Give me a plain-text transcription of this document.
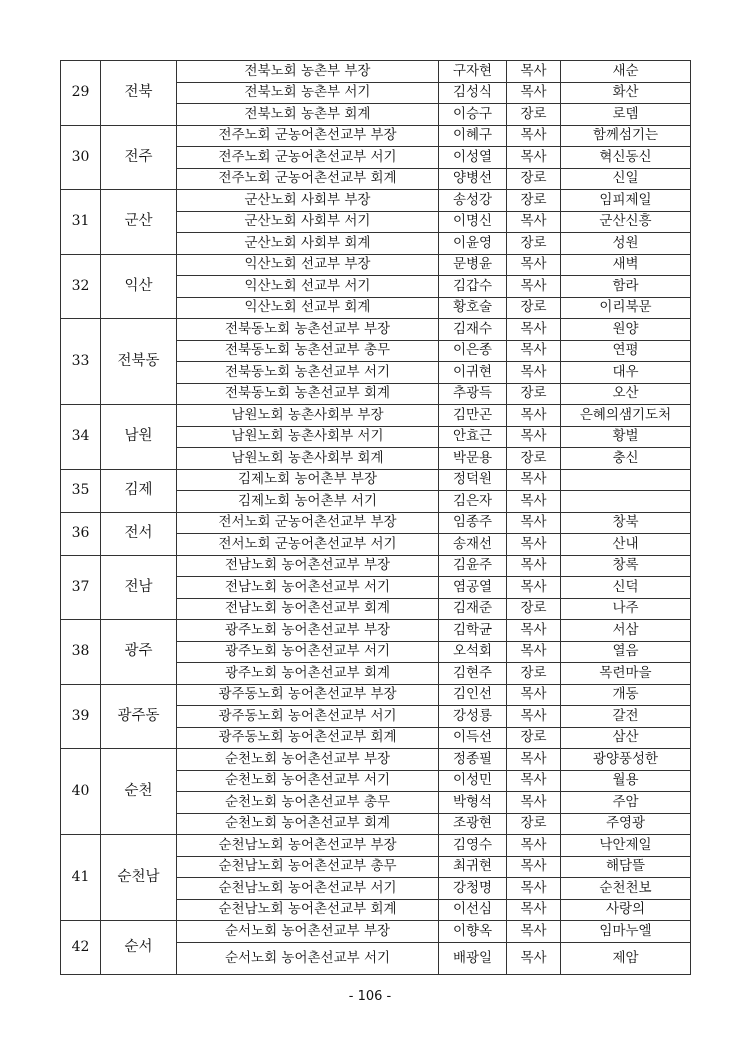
29	전북	전북노회 농촌부 부장	구자현	목사	새순
		전북노회 농촌부 서기	김성식	목사	화산
		전북노회 농촌부 회계	이승구	장로	로뎀
30	전주	전주노회 군농어촌선교부 부장	이혜구	목사	함께섬기는
		전주노회 군농어촌선교부 서기	이성열	목사	혁신동신
		전주노회 군농어촌선교부 회계	양병선	장로	신일
31	군산	군산노회 사회부 부장	송성강	장로	임피제일
		군산노회 사회부 서기	이명신	목사	군산신흥
		군산노회 사회부 회계	이윤영	장로	성원
32	익산	익산노회 선교부 부장	문병윤	목사	새벽
		익산노회 선교부 서기	김갑수	목사	함라
		익산노회 선교부 회계	황호술	장로	이리북문
33	전북동	전북동노회 농촌선교부 부장	김재수	목사	원양
		전북동노회 농촌선교부 총무	이은종	목사	연평
		전북동노회 농촌선교부 서기	이귀현	목사	대우
		전북동노회 농촌선교부 회계	추광득	장로	오산
34	남원	남원노회 농촌사회부 부장	김만곤	목사	은혜의샘기도처
		남원노회 농촌사회부 서기	안효근	목사	황벌
		남원노회 농촌사회부 회계	박문용	장로	충신
35	김제	김제노회 농어촌부 부장	정덕원	목사	
		김제노회 농어촌부 서기	김은자	목사	
36	전서	전서노회 군농어촌선교부 부장	임종주	목사	창북
		전서노회 군농어촌선교부 서기	송재선	목사	산내
37	전남	전남노회 농어촌선교부 부장	김윤주	목사	창록
		전남노회 농어촌선교부 서기	염공열	목사	신덕
		전남노회 농어촌선교부 회계	김재준	장로	나주
38	광주	광주노회 농어촌선교부 부장	김학균	목사	서삼
		광주노회 농어촌선교부 서기	오석회	목사	열음
		광주노회 농어촌선교부 회계	김현주	장로	목련마을
39	광주동	광주동노회 농어촌선교부 부장	김인선	목사	개동
		광주동노회 농어촌선교부 서기	강성룡	목사	갈전
		광주동노회 농어촌선교부 회계	이득선	장로	삼산
40	순천	순천노회 농어촌선교부 부장	정종필	목사	광양풍성한
		순천노회 농어촌선교부 서기	이성민	목사	월용
		순천노회 농어촌선교부 총무	박형석	목사	주암
		순천노회 농어촌선교부 회계	조광현	장로	주영광
41	순천남	순천남노회 농어촌선교부 부장	김영수	목사	낙안제일
		순천남노회 농어촌선교부 총무	최귀현	목사	해담뜰
		순천남노회 농어촌선교부 서기	강청명	목사	순천천보
		순천남노회 농어촌선교부 회계	이선심	목사	사랑의
42	순서	순서노회 농어촌선교부 부장	이향옥	목사	임마누엘
		순서노회 농어촌선교부 서기	배광일	목사	제암
- 106 -
